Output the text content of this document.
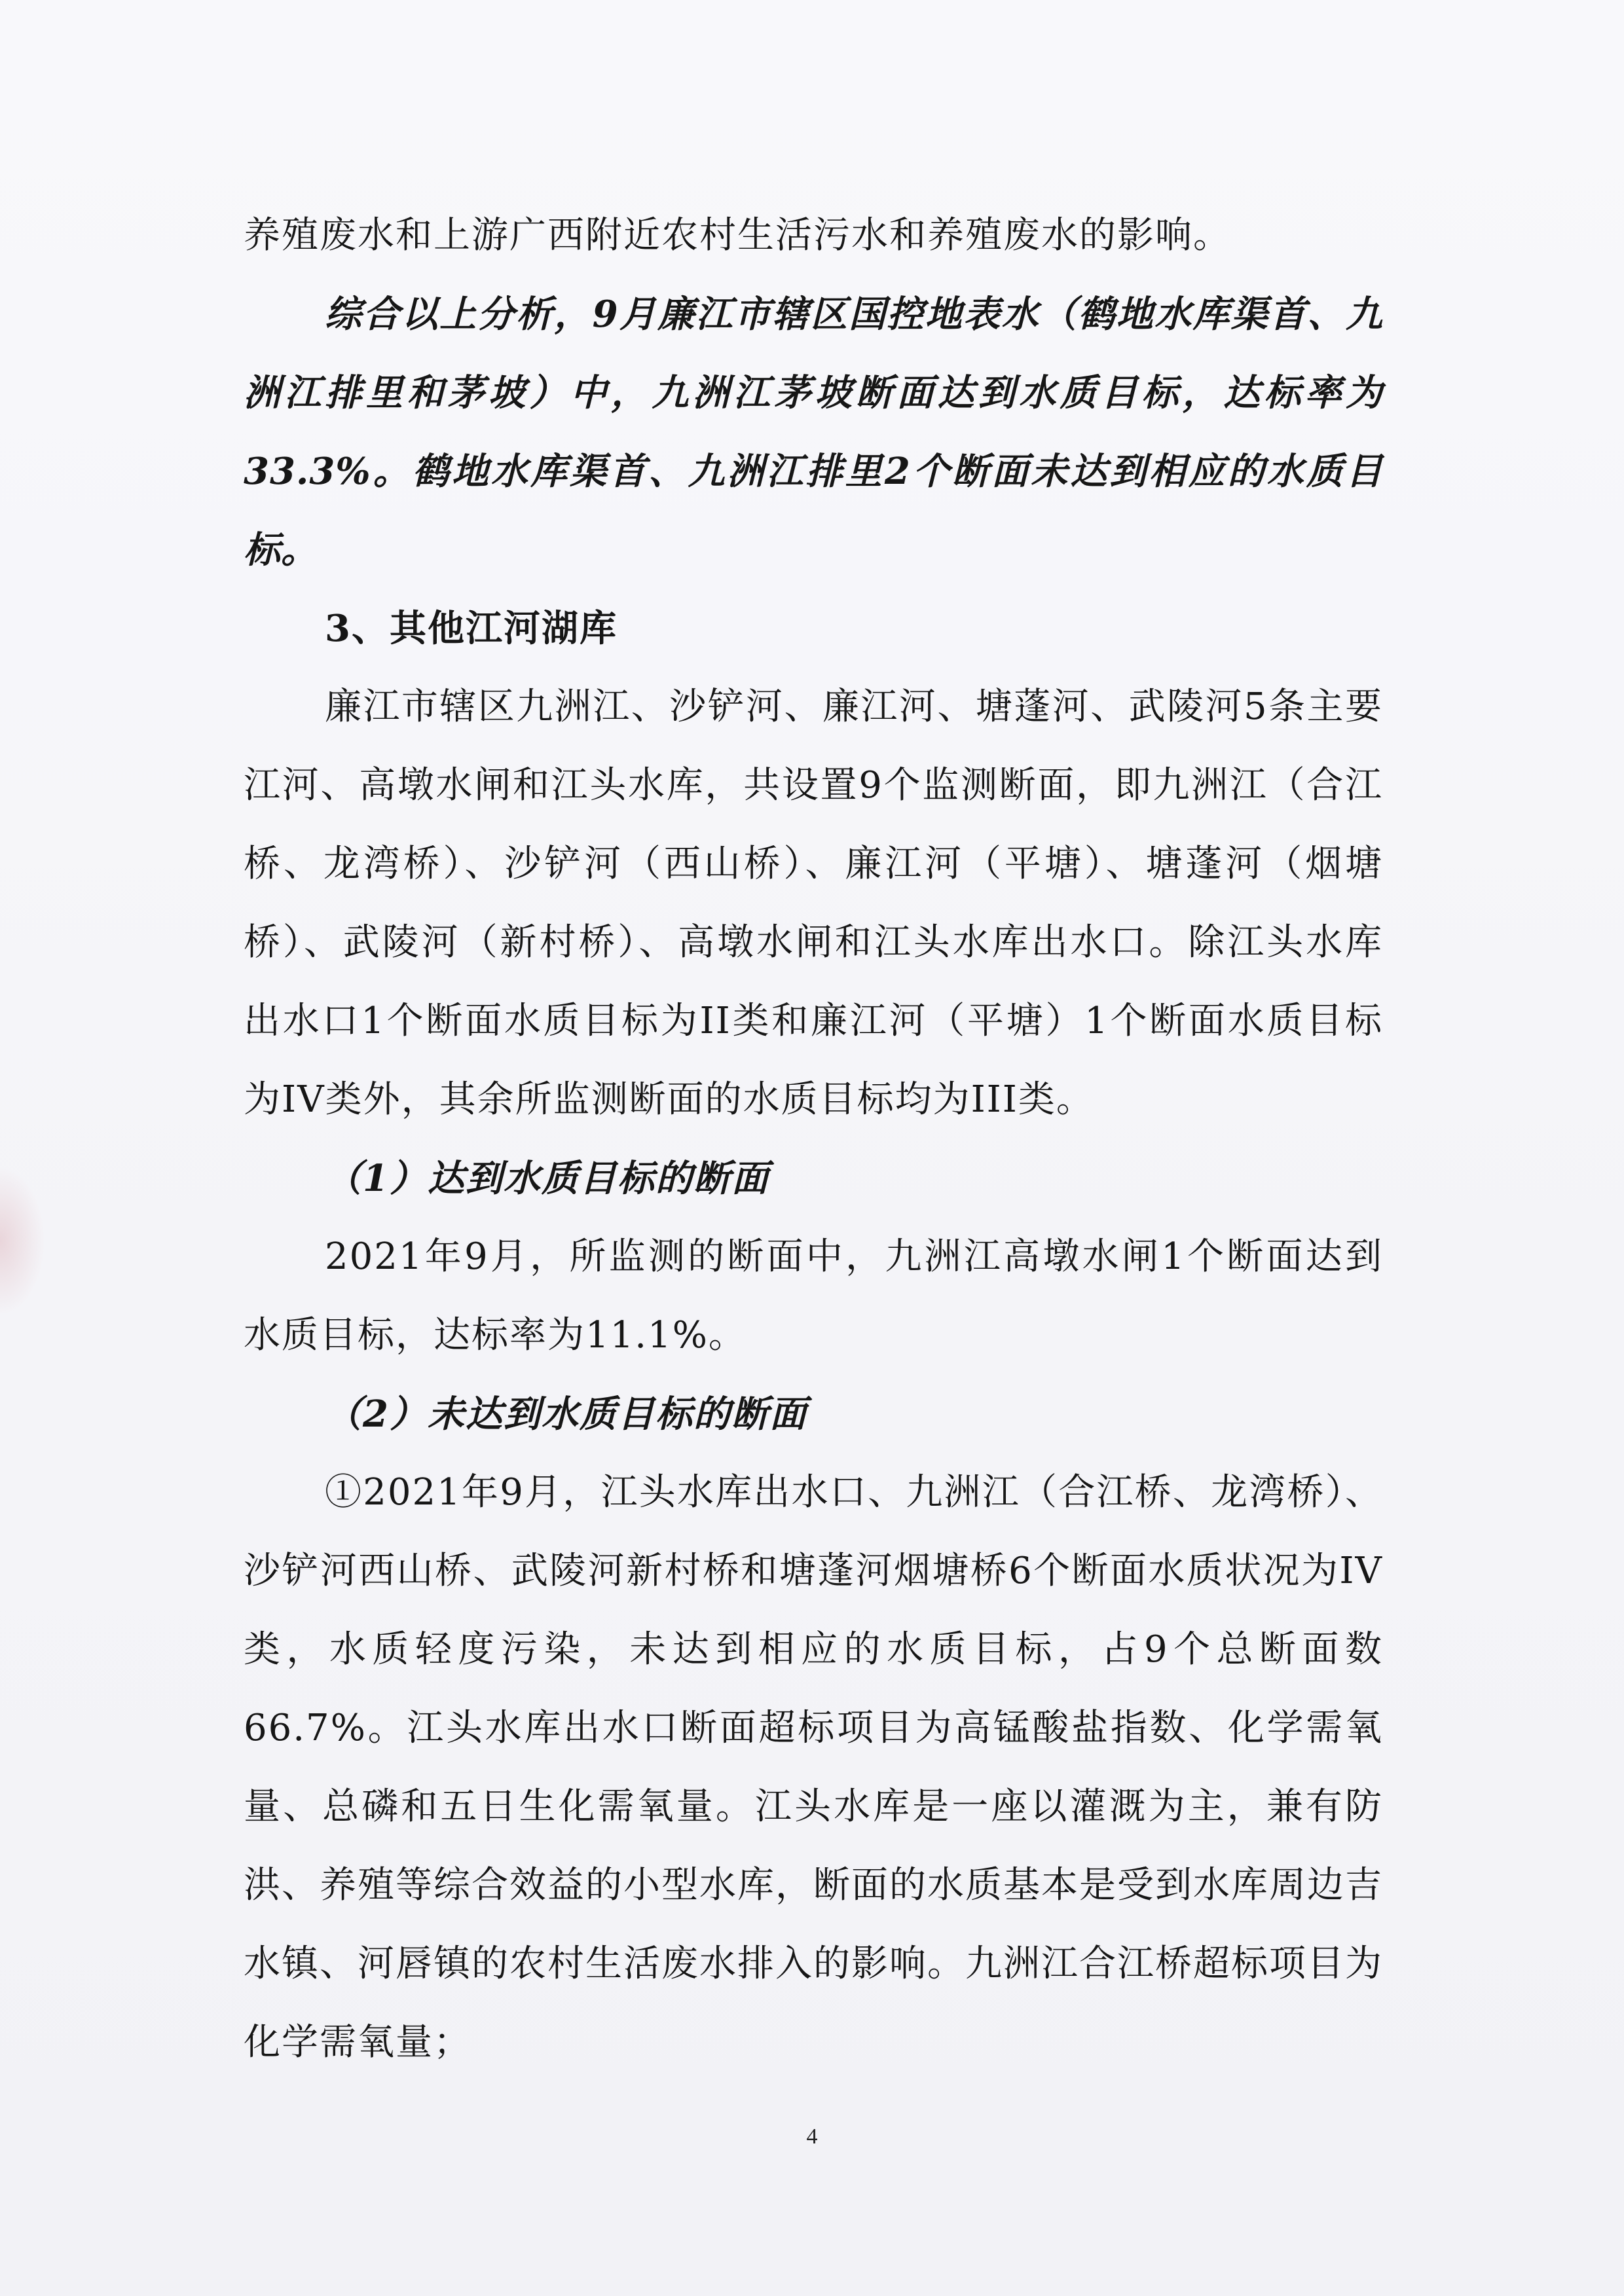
养殖废水和上游广西附近农村生活污水和养殖废水的影响。

综合以上分析，9月廉江市辖区国控地表水（鹤地水库渠首、九洲江排里和茅坡）中，九洲江茅坡断面达到水质目标，达标率为33.3%。鹤地水库渠首、九洲江排里2个断面未达到相应的水质目标。

3、其他江河湖库

廉江市辖区九洲江、沙铲河、廉江河、塘蓬河、武陵河5条主要江河、高墩水闸和江头水库，共设置9个监测断面，即九洲江（合江桥、龙湾桥）、沙铲河（西山桥）、廉江河（平塘）、塘蓬河（烟塘桥）、武陵河（新村桥）、高墩水闸和江头水库出水口。除江头水库出水口1个断面水质目标为II类和廉江河（平塘）1个断面水质目标为IV类外，其余所监测断面的水质目标均为III类。

（1）达到水质目标的断面

2021年9月，所监测的断面中，九洲江高墩水闸1个断面达到水质目标，达标率为11.1%。

（2）未达到水质目标的断面

①2021年9月，江头水库出水口、九洲江（合江桥、龙湾桥）、沙铲河西山桥、武陵河新村桥和塘蓬河烟塘桥6个断面水质状况为IV类，水质轻度污染，未达到相应的水质目标，占9个总断面数66.7%。江头水库出水口断面超标项目为高锰酸盐指数、化学需氧量、总磷和五日生化需氧量。江头水库是一座以灌溉为主，兼有防洪、养殖等综合效益的小型水库，断面的水质基本是受到水库周边吉水镇、河唇镇的农村生活废水排入的影响。九洲江合江桥超标项目为化学需氧量；

4
